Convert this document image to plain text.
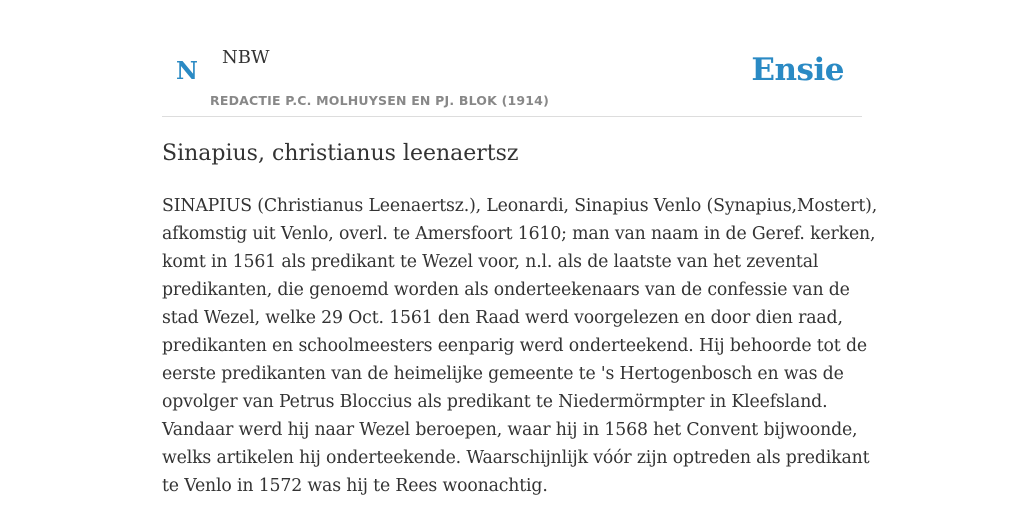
N NBW
REDACTIE P.C. MOLHUYSEN EN PJ. BLOK (1914)
Ensie
Sinapius, christianus leenaertsz
SINAPIUS (Christianus Leenaertsz.), Leonardi, Sinapius Venlo (Synapius,Mostert),
afkomstig uit Venlo, overl. te Amersfoort 1610; man van naam in de Geref. kerken,
komt in 1561 als predikant te Wezel voor, n.l. als de laatste van het zevental
predikanten, die genoemd worden als onderteekenaars van de confessie van de
stad Wezel, welke 29 Oct. 1561 den Raad werd voorgelezen en door dien raad,
predikanten en schoolmeesters eenparig werd onderteekend. Hij behoorde tot de
eerste predikanten van de heimelijke gemeente te 's Hertogenbosch en was de
opvolger van Petrus Bloccius als predikant te Niedermörmpter in Kleefsland.
Vandaar werd hij naar Wezel beroepen, waar hij in 1568 het Convent bijwoonde,
welks artikelen hij onderteekende. Waarschijnlijk vóór zijn optreden als predikant
te Venlo in 1572 was hij te Rees woonachtig.
